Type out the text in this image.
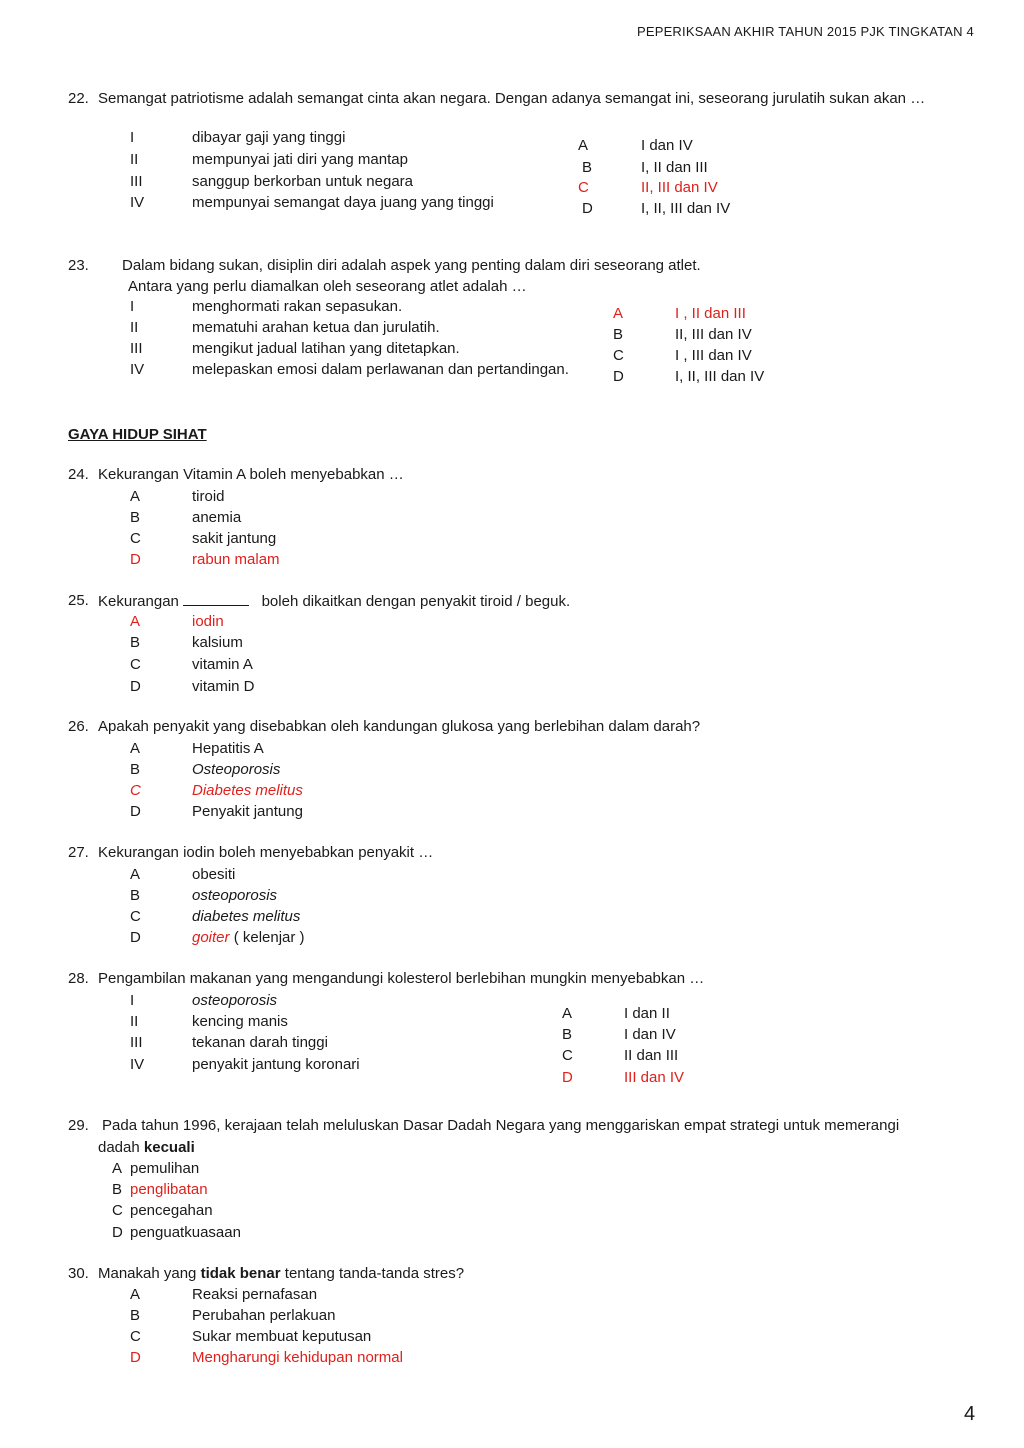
PEPERIKSAAN AKHIR TAHUN 2015 PJK TINGKATAN 4
22. Semangat patriotisme adalah semangat cinta akan negara. Dengan adanya semangat ini, seseorang jurulatih sukan akan …
I	dibayar gaji yang tinggi
II	mempunyai jati diri yang mantap
III	sanggup berkorban untuk negara
IV	mempunyai semangat daya juang yang tinggi
A	I dan IV
B	I, II dan III
C	II, III dan IV
D	I, II, III dan IV
23. Dalam bidang sukan, disiplin diri adalah aspek yang penting dalam diri seseorang atlet.
Antara yang perlu diamalkan oleh seseorang atlet adalah …
I	menghormati rakan sepasukan.
II	mematuhi arahan ketua dan jurulatih.
III	mengikut jadual latihan yang ditetapkan.
IV	melepaskan emosi dalam perlawanan dan pertandingan.
A	I , II dan III
B	II, III dan IV
C	I , III dan IV
D	I, II, III dan IV
GAYA HIDUP SIHAT
24. Kekurangan Vitamin A boleh menyebabkan …
A	tiroid
B	anemia
C	sakit jantung
D	rabun malam
25. Kekurangan	boleh dikaitkan dengan penyakit tiroid / beguk.
A	iodin
B	kalsium
C	vitamin A
D	vitamin D
26. Apakah penyakit yang disebabkan oleh kandungan glukosa yang berlebihan dalam darah?
A	Hepatitis A
B	Osteoporosis
C	Diabetes melitus
D	Penyakit jantung
27. Kekurangan iodin boleh menyebabkan penyakit …
A	obesiti
B	osteoporosis
C	diabetes melitus
D	goiter ( kelenjar )
28. Pengambilan makanan yang mengandungi kolesterol berlebihan mungkin menyebabkan …
I	osteoporosis
II	kencing manis
III	tekanan darah tinggi
IV	penyakit jantung koronari
A	I dan II
B	I dan IV
C	II dan III
D	III dan IV
29. Pada tahun 1996, kerajaan telah meluluskan Dasar Dadah Negara yang menggariskan empat strategi untuk memerangi
dadah kecuali
A pemulihan
B penglibatan
C pencegahan
D penguatkuasaan
30. Manakah yang tidak benar tentang tanda-tanda stres?
A	Reaksi pernafasan
B	Perubahan perlakuan
C	Sukar membuat keputusan
D	Mengharungi kehidupan normal
4
